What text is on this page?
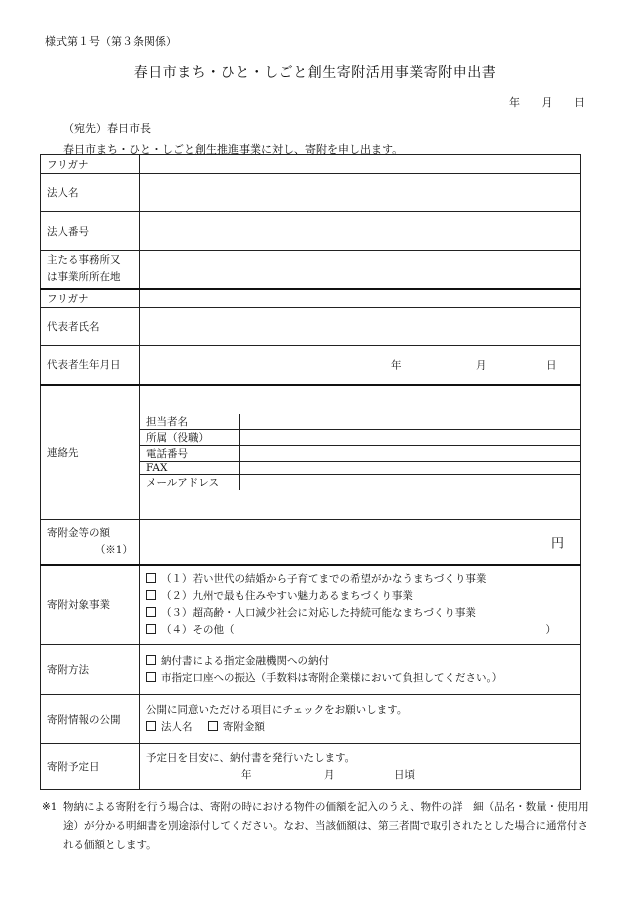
様式第１号（第３条関係）
春日市まち・ひと・しごと創生寄附活用事業寄附申出書
年 月 日
（宛先）春日市長
春日市まち・ひと・しごと創生推進事業に対し、寄附を申し出ます。
フリガナ	
法人名	
法人番号	

主たる事務所又
は事業所所在地

フリガナ	
代表者氏名	
代表者生年月日	年	月	日

連絡先	
担当者名	
所属（役職）	
電話番号	
FAX	
メールアドレス	

寄附金等の額
（※1）	円

寄附対象事業	
（１）若い世代の結婚から子育てまでの希望がかなうまちづくり事業
（２）九州で最も住みやすい魅力あるまちづくり事業
（３）超高齢・人口減少社会に対応した持続可能なまちづくり事業
（４）その他（	）

寄附方法	
納付書による指定金融機関への納付
市指定口座への振込（手数料は寄附企業様において負担してください。）

寄附情報の公開	
公開に同意いただける項目にチェックをお願いします。
法人名	寄附金額

寄附予定日	
予定日を目安に、納付書を発行いたします。
年	月	日頃
※1 物納による寄附を行う場合は、寄附の時における物件の価額を記入のうえ、物件の詳　細（品名・数量・使用用途）が分かる明細書を別途添付してください。なお、当該価額は、第三者間で取引されたとした場合に通常付される価額とします。
